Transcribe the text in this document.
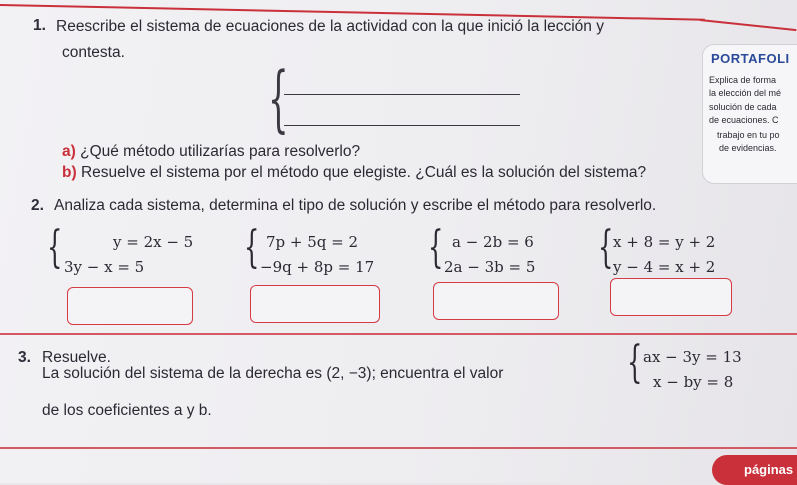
1. Reescribe el sistema de ecuaciones de la actividad con la que inició la lección y
contesta.
{
a) ¿Qué método utilizarías para resolverlo?
b) Resuelve el sistema por el método que elegiste. ¿Cuál es la solución del sistema?
PORTAFOLI
Explica de forma
la elección del mé
solución de cada
de ecuaciones. C
trabajo en tu po
de evidencias.
2. Analiza cada sistema, determina el tipo de solución y escribe el método para resolverlo.
{	y = 2x − 5
3y − x = 5 { 7p + 5q = 2
−9q + 8p = 17 { a − 2b = 6
2a − 3b = 5 { x + 8 = y + 2
y − 4 = x + 2
3. Resuelve.
La solución del sistema de la derecha es (2, −3); encuentra el valor
de los coeficientes a y b.
{ ax − 3y = 13
x − by = 8
páginas
